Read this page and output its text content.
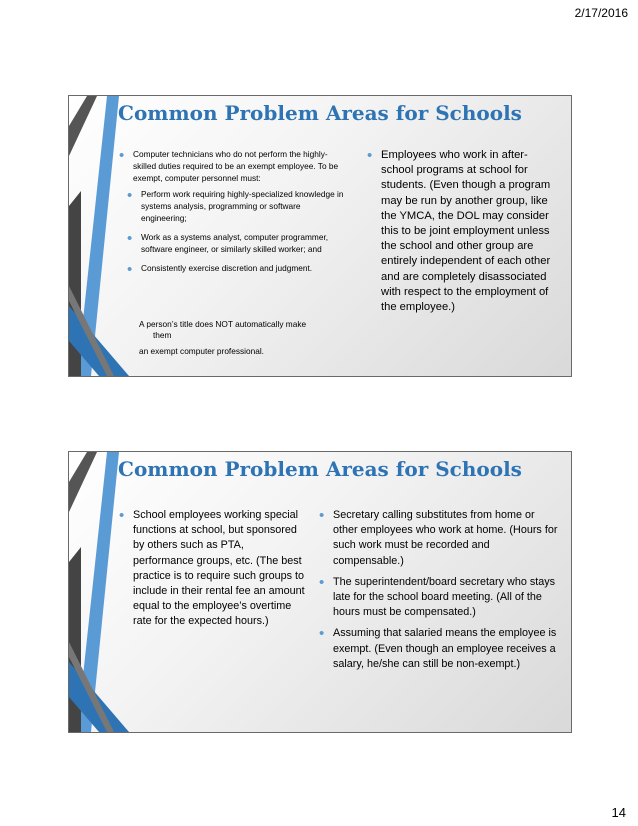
2/17/2016
Common Problem Areas for Schools
• Computer technicians who do not perform the highly-skilled duties required to be an exempt employee. To be exempt, computer personnel must:
• Perform work requiring highly-specialized knowledge in systems analysis, programming or software engineering;
• Work as a systems analyst, computer programmer, software engineer, or similarly skilled worker; and
• Consistently exercise discretion and judgment.
A person’s title does NOT automatically make
them
an exempt computer professional.
• Employees who work in after-school programs at school for students. (Even though a program may be run by another group, like the YMCA, the DOL may consider this to be joint employment unless the school and other group are entirely independent of each other and are completely disassociated with respect to the employment of the employee.)
Common Problem Areas for Schools
• School employees working special functions at school, but sponsored by others such as PTA, performance groups, etc. (The best practice is to require such groups to include in their rental fee an amount equal to the employee’s overtime rate for the expected hours.)
• Secretary calling substitutes from home or other employees who work at home. (Hours for such work must be recorded and compensable.)
• The superintendent/board secretary who stays late for the school board meeting. (All of the hours must be compensated.)
• Assuming that salaried means the employee is exempt. (Even though an employee receives a salary, he/she can still be non-exempt.)
14
